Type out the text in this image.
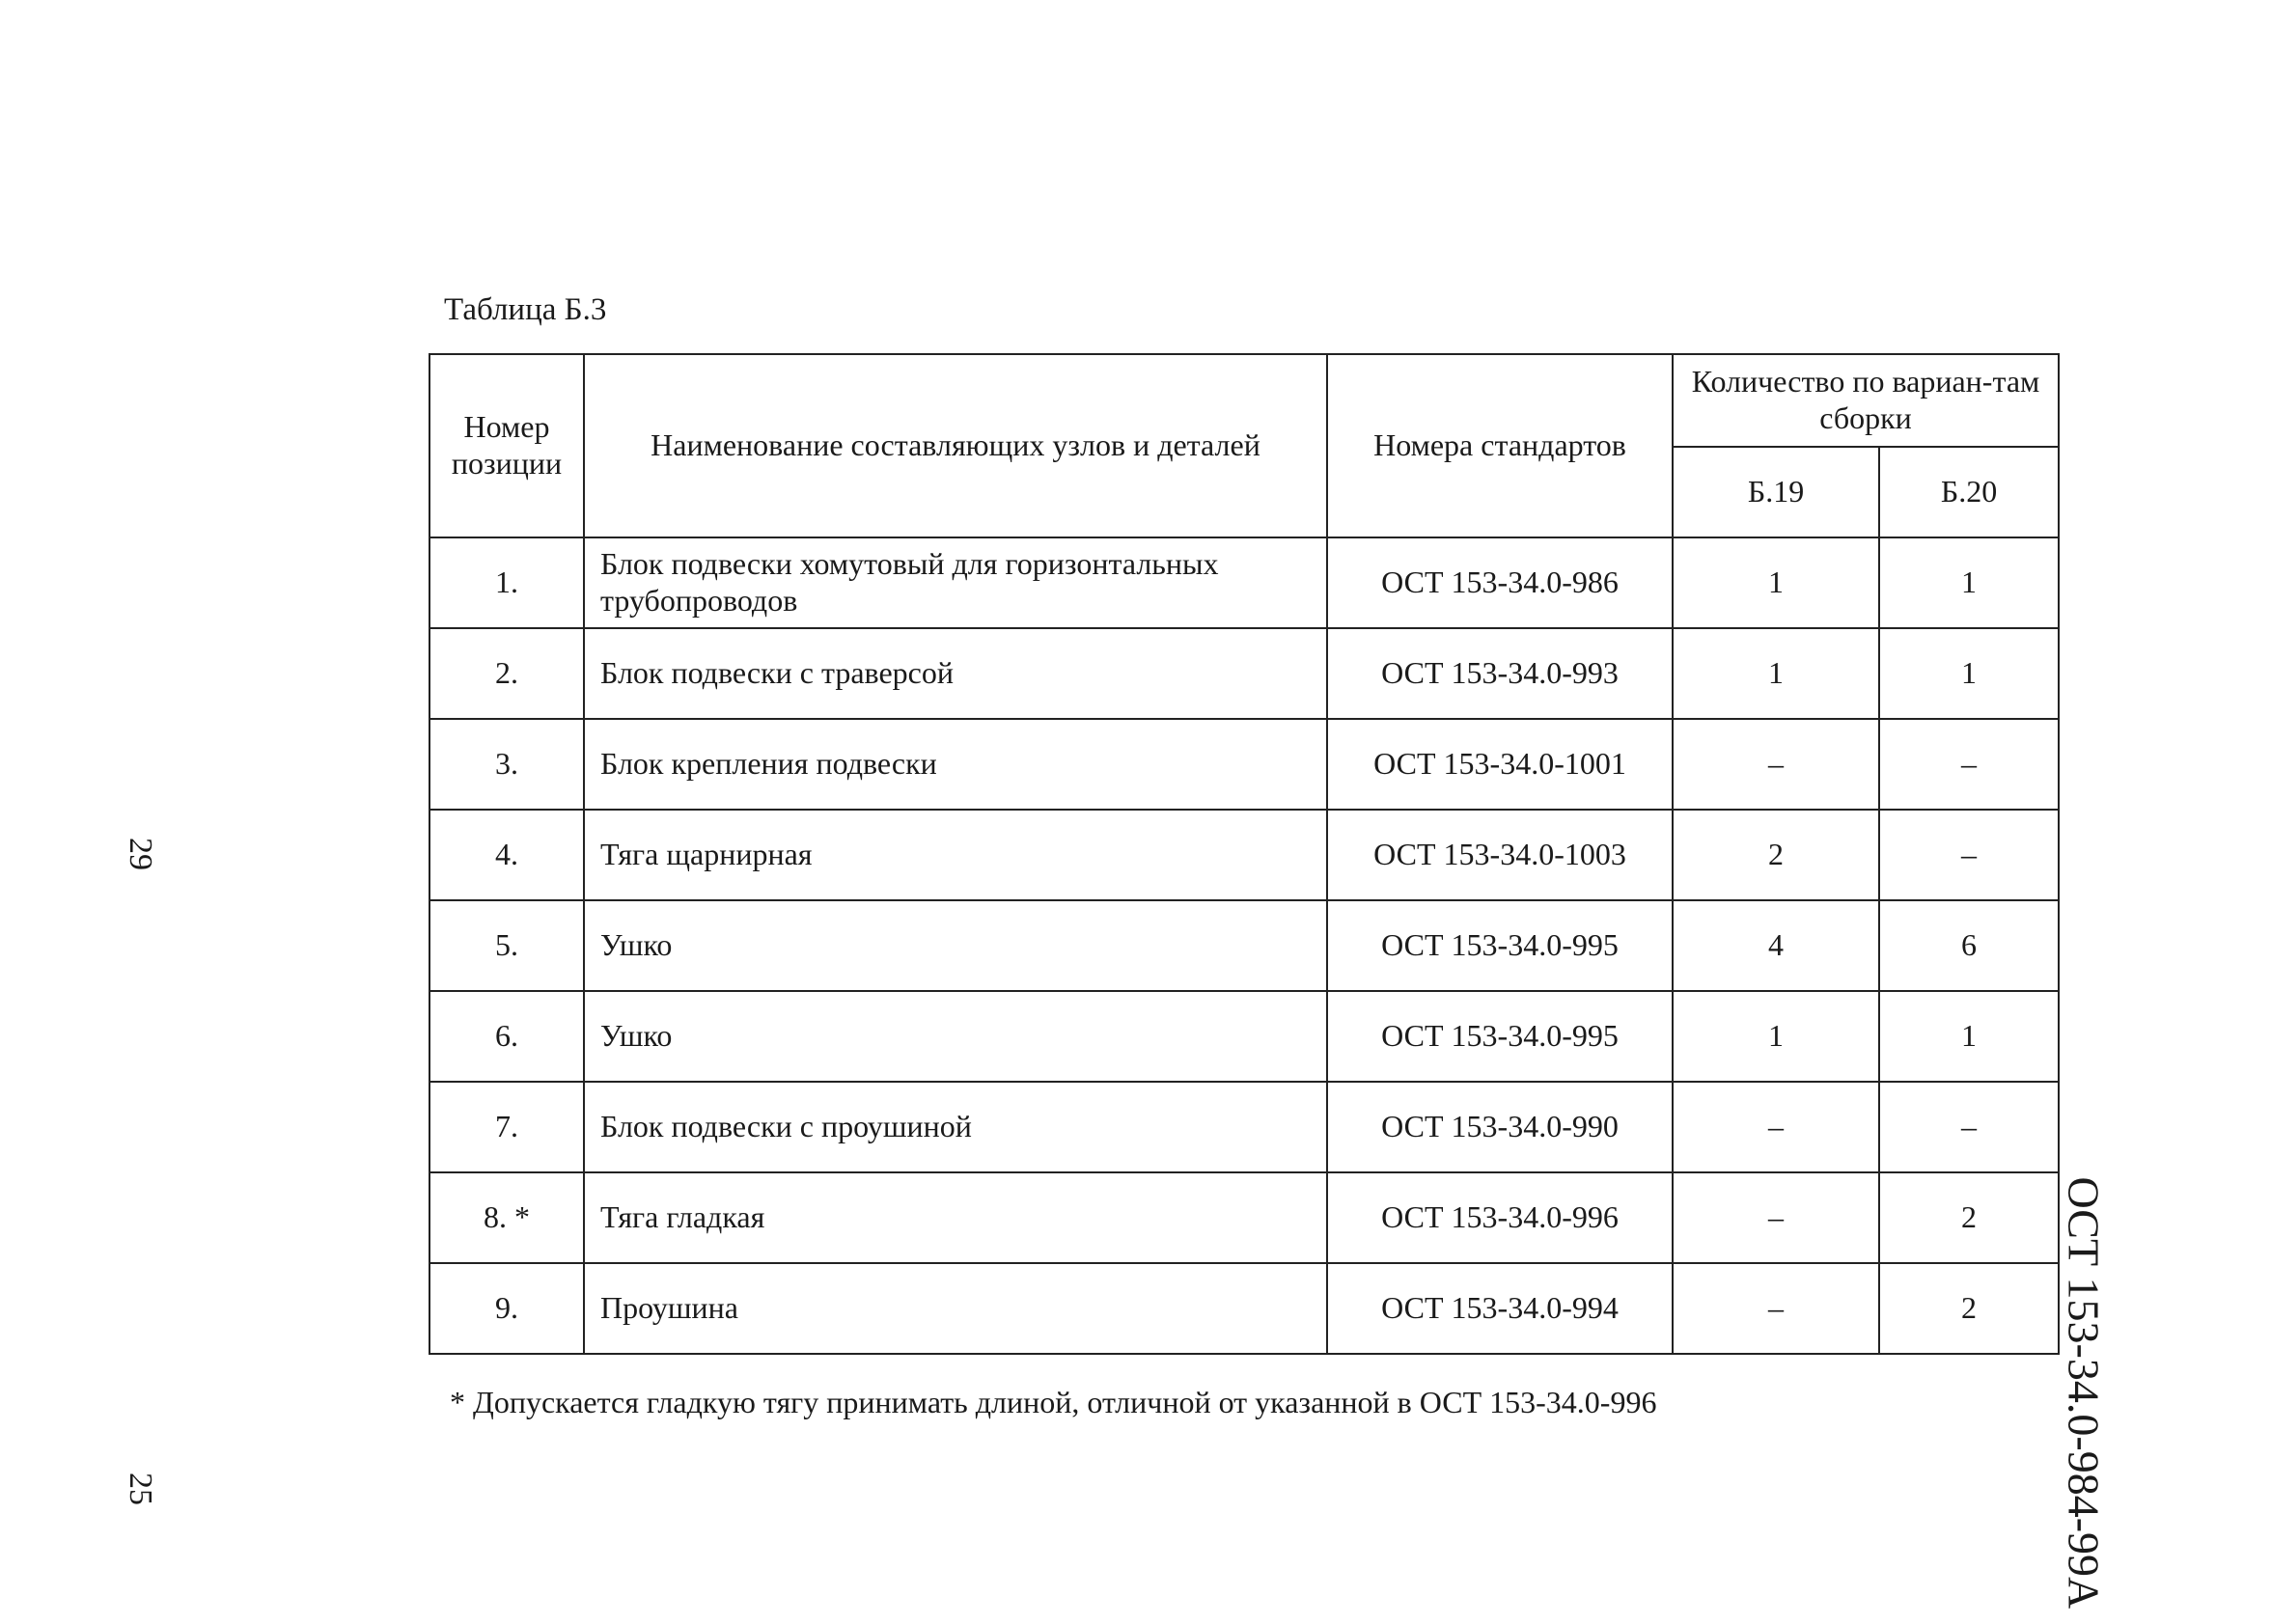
Таблица Б.3
Номер позиции	Наименование составляющих узлов и деталей	Номера стандартов	Количество по вариан-там сборки	
			Б.19	Б.20
1.	Блок подвески хомутовый для горизонтальных трубопроводов	ОСТ 153-34.0-986	1	1
2.	Блок подвески с траверсой	ОСТ 153-34.0-993	1	1
3.	Блок крепления подвески	ОСТ 153-34.0-1001	–	–
4.	Тяга щарнирная	ОСТ 153-34.0-1003	2	–
5.	Ушко	ОСТ 153-34.0-995	4	6
6.	Ушко	ОСТ 153-34.0-995	1	1
7.	Блок подвески с проушиной	ОСТ 153-34.0-990	–	–
8. *	Тяга гладкая	ОСТ 153-34.0-996	–	2
9.	Проушина	ОСТ 153-34.0-994	–	2
* Допускается гладкую тягу принимать длиной, отличной от указанной в ОСТ 153-34.0-996
29
25	ОСТ 153-34.0-984-99А
